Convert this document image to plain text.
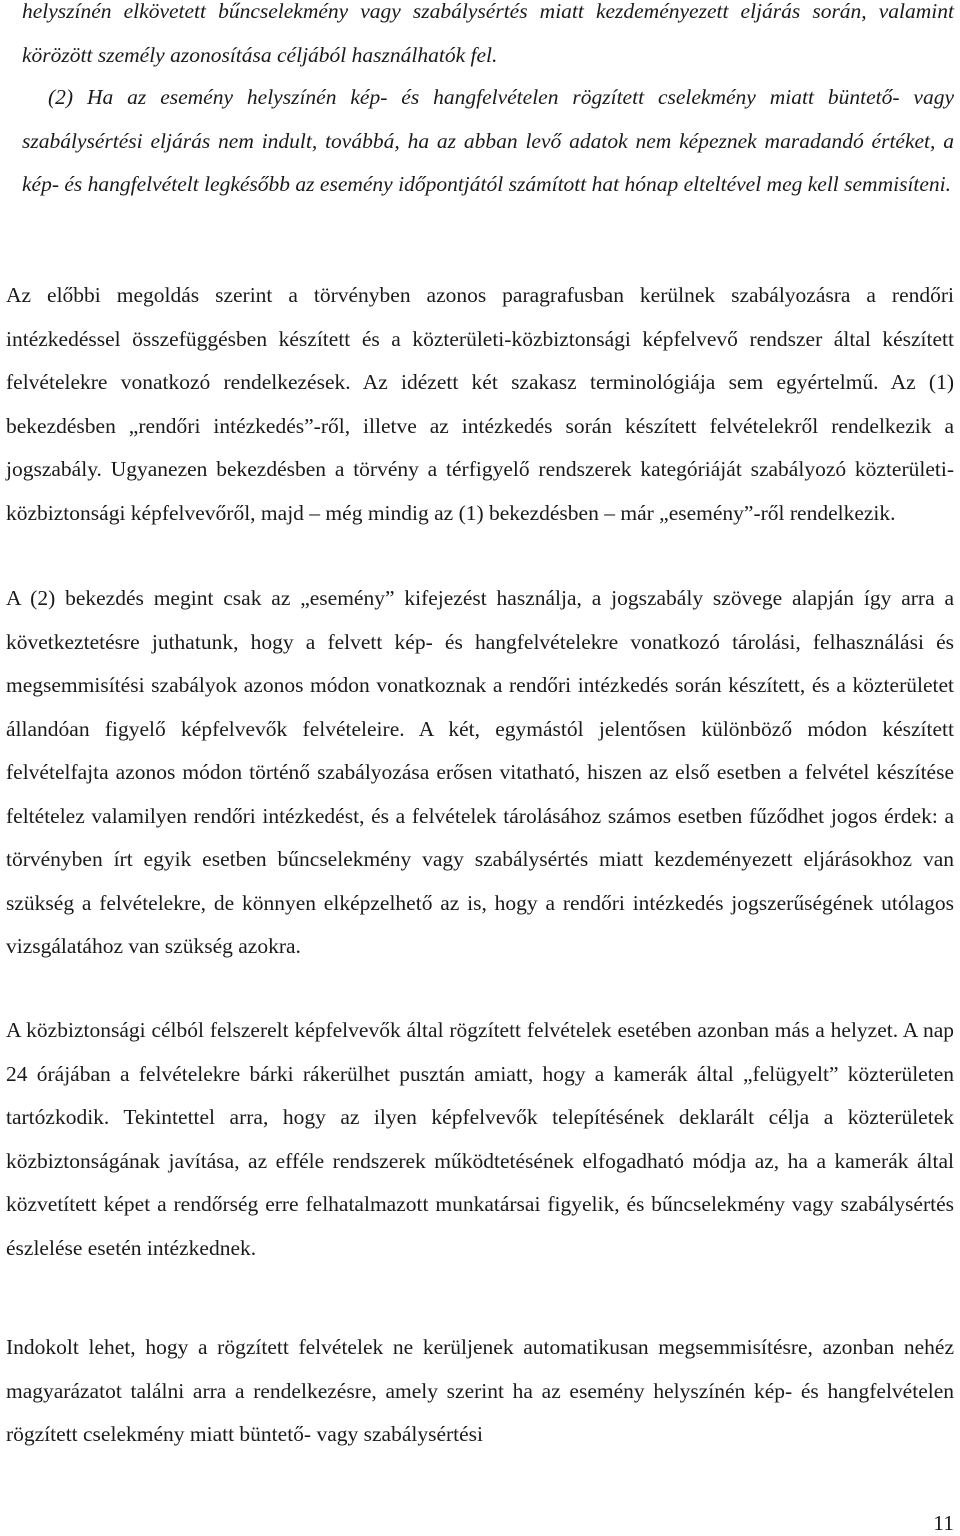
helyszínén elkövetett bűncselekmény vagy szabálysértés miatt kezdeményezett eljárás során, valamint körözött személy azonosítása céljából használhatók fel.

(2) Ha az esemény helyszínén kép- és hangfelvételen rögzített cselekmény miatt büntető- vagy szabálysértési eljárás nem indult, továbbá, ha az abban levő adatok nem képeznek maradandó értéket, a kép- és hangfelvételt legkésőbb az esemény időpontjától számított hat hónap elteltével meg kell semmisíteni.

Az előbbi megoldás szerint a törvényben azonos paragrafusban kerülnek szabályozásra a rendőri intézkedéssel összefüggésben készített és a közterületi-közbiztonsági képfelvevő rendszer által készített felvételekre vonatkozó rendelkezések. Az idézett két szakasz terminológiája sem egyértelmű. Az (1) bekezdésben „rendőri intézkedés”-ről, illetve az intézkedés során készített felvételekről rendelkezik a jogszabály. Ugyanezen bekezdésben a törvény a térfigyelő rendszerek kategóriáját szabályozó közterületi-közbiztonsági képfelvevőről, majd – még mindig az (1) bekezdésben – már „esemény”-ről rendelkezik.

A (2) bekezdés megint csak az „esemény” kifejezést használja, a jogszabály szövege alapján így arra a következtetésre juthatunk, hogy a felvett kép- és hangfelvételekre vonatkozó tárolási, felhasználási és megsemmisítési szabályok azonos módon vonatkoznak a rendőri intézkedés során készített, és a közterületet állandóan figyelő képfelvevők felvételeire. A két, egymástól jelentősen különböző módon készített felvételfajta azonos módon történő szabályozása erősen vitatható, hiszen az első esetben a felvétel készítése feltételez valamilyen rendőri intézkedést, és a felvételek tárolásához számos esetben fűződhet jogos érdek: a törvényben írt egyik esetben bűncselekmény vagy szabálysértés miatt kezdeményezett eljárásokhoz van szükség a felvételekre, de könnyen elképzelhető az is, hogy a rendőri intézkedés jogszerűségének utólagos vizsgálatához van szükség azokra.

A közbiztonsági célból felszerelt képfelvevők által rögzített felvételek esetében azonban más a helyzet. A nap 24 órájában a felvételekre bárki rákerülhet pusztán amiatt, hogy a kamerák által „felügyelt” közterületen tartózkodik. Tekintettel arra, hogy az ilyen képfelvevők telepítésének deklarált célja a közterületek közbiztonságának javítása, az efféle rendszerek működtetésének elfogadható módja az, ha a kamerák által közvetített képet a rendőrség erre felhatalmazott munkatársai figyelik, és bűncselekmény vagy szabálysértés észlelése esetén intézkednek.

Indokolt lehet, hogy a rögzített felvételek ne kerüljenek automatikusan megsemmisítésre, azonban nehéz magyarázatot találni arra a rendelkezésre, amely szerint ha az esemény helyszínén kép- és hangfelvételen rögzített cselekmény miatt büntető- vagy szabálysértési

11
